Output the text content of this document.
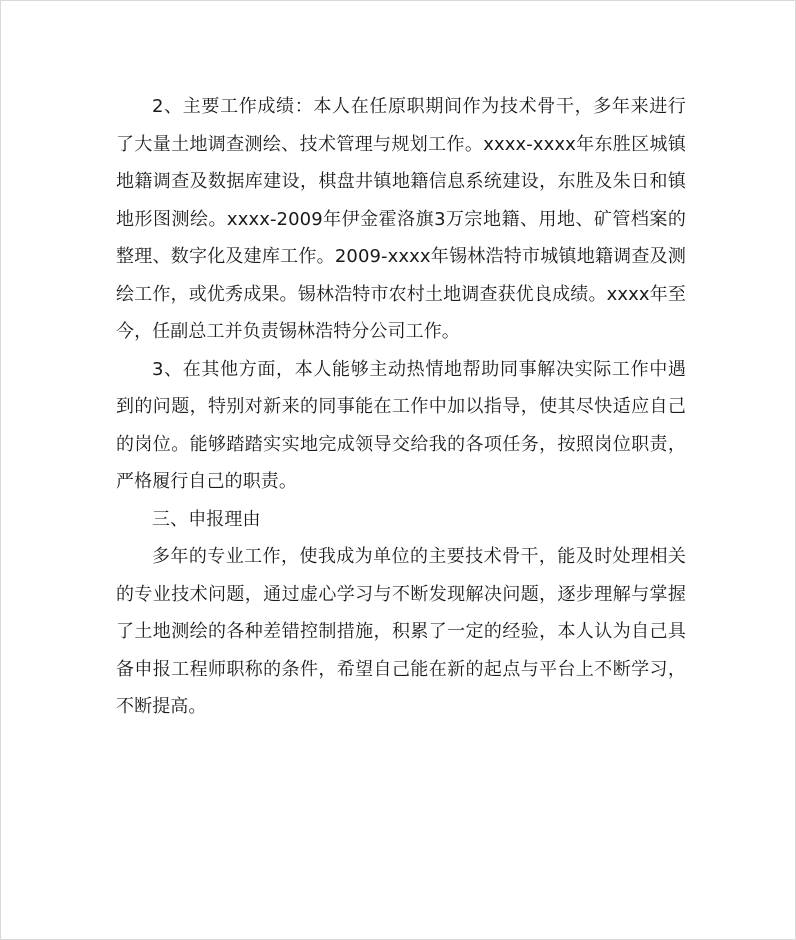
2、主要工作成绩：本人在任原职期间作为技术骨干，多年来进行了大量土地调查测绘、技术管理与规划工作。xxxx-xxxx年东胜区城镇地籍调查及数据库建设，棋盘井镇地籍信息系统建设，东胜及朱日和镇地形图测绘。xxxx-2009年伊金霍洛旗3万宗地籍、用地、矿管档案的整理、数字化及建库工作。2009-xxxx年锡林浩特市城镇地籍调查及测绘工作，或优秀成果。锡林浩特市农村土地调查获优良成绩。xxxx年至今，任副总工并负责锡林浩特分公司工作。

3、在其他方面，本人能够主动热情地帮助同事解决实际工作中遇到的问题，特别对新来的同事能在工作中加以指导，使其尽快适应自己的岗位。能够踏踏实实地完成领导交给我的各项任务，按照岗位职责，严格履行自己的职责。

三、申报理由

多年的专业工作，使我成为单位的主要技术骨干，能及时处理相关的专业技术问题，通过虚心学习与不断发现解决问题，逐步理解与掌握了土地测绘的各种差错控制措施，积累了一定的经验，本人认为自己具备申报工程师职称的条件，希望自己能在新的起点与平台上不断学习，不断提高。
